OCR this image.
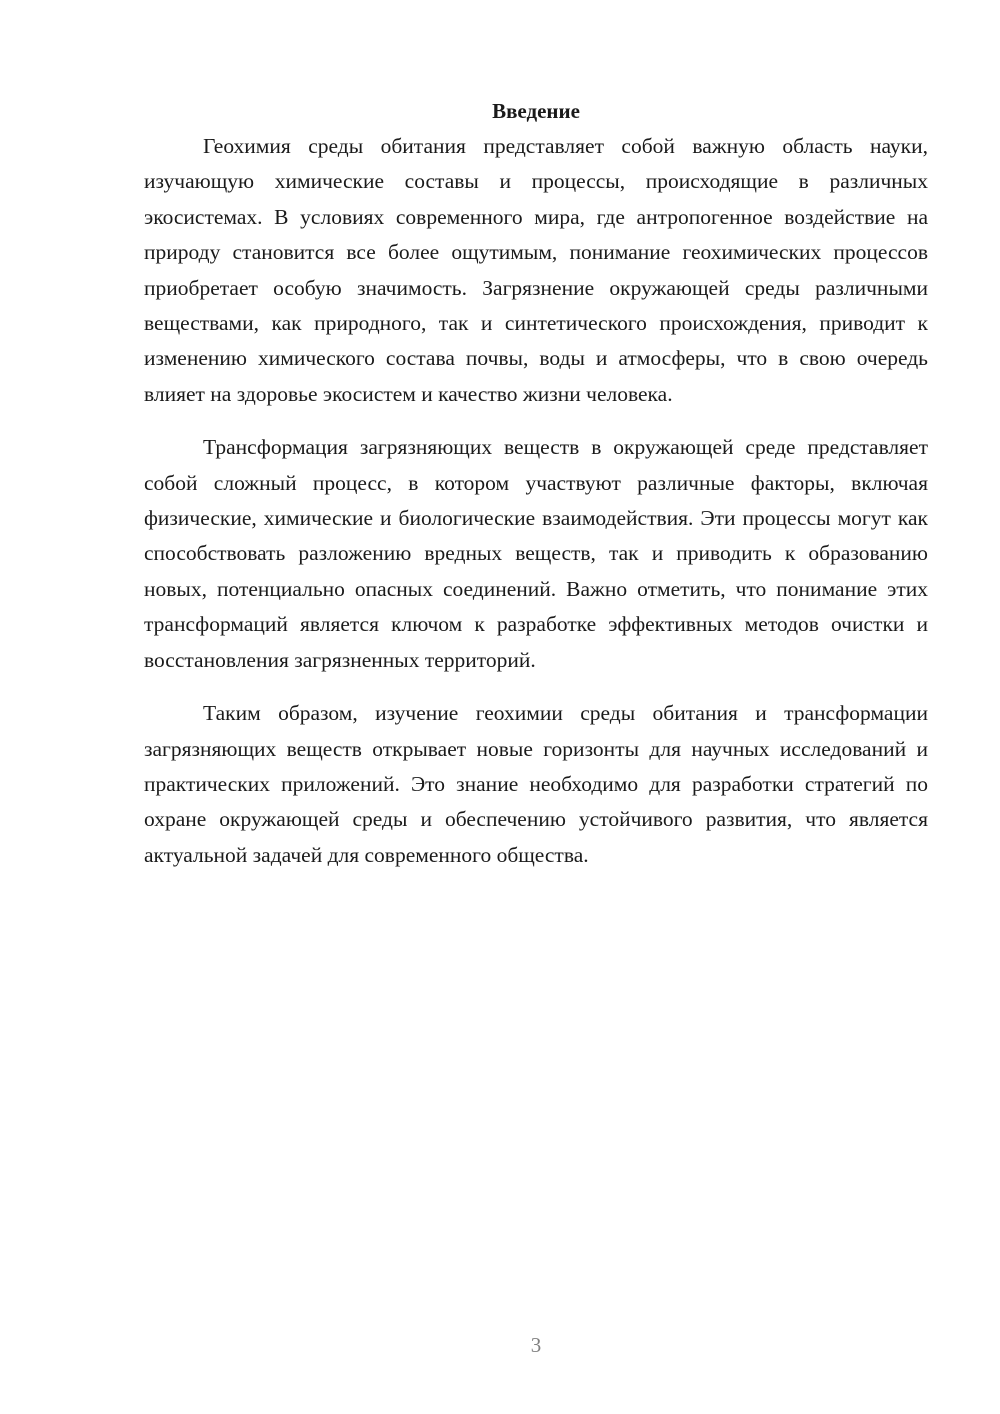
Введение

Геохимия среды обитания представляет собой важную область науки, изучающую химические составы и процессы, происходящие в различных экосистемах. В условиях современного мира, где антропогенное воздействие на природу становится все более ощутимым, понимание геохимических процессов приобретает особую значимость. Загрязнение окружающей среды различными веществами, как природного, так и синтетического происхождения, приводит к изменению химического состава почвы, воды и атмосферы, что в свою очередь влияет на здоровье экосистем и качество жизни человека.

Трансформация загрязняющих веществ в окружающей среде представляет собой сложный процесс, в котором участвуют различные факторы, включая физические, химические и биологические взаимодействия. Эти процессы могут как способствовать разложению вредных веществ, так и приводить к образованию новых, потенциально опасных соединений. Важно отметить, что понимание этих трансформаций является ключом к разработке эффективных методов очистки и восстановления загрязненных территорий.

Таким образом, изучение геохимии среды обитания и трансформации загрязняющих веществ открывает новые горизонты для научных исследований и практических приложений. Это знание необходимо для разработки стратегий по охране окружающей среды и обеспечению устойчивого развития, что является актуальной задачей для современного общества.

3
